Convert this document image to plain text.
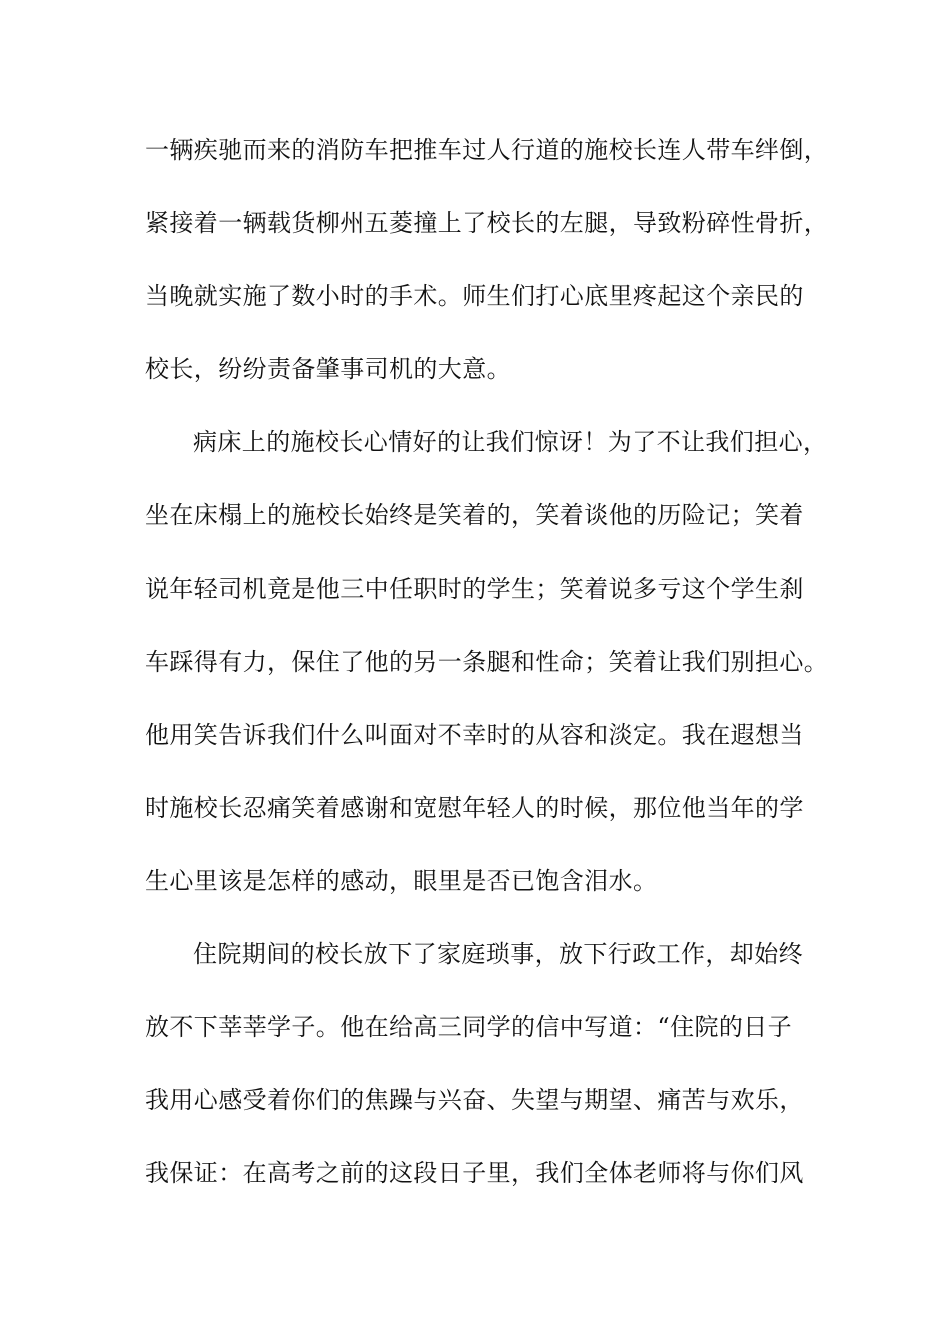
一辆疾驰而来的消防车把推车过人行道的施校长连人带车绊倒，
紧接着一辆载货柳州五菱撞上了校长的左腿，导致粉碎性骨折，
当晚就实施了数小时的手术。师生们打心底里疼起这个亲民的
校长，纷纷责备肇事司机的大意。
病床上的施校长心情好的让我们惊讶！为了不让我们担心，
坐在床榻上的施校长始终是笑着的，笑着谈他的历险记；笑着
说年轻司机竟是他三中任职时的学生；笑着说多亏这个学生刹
车踩得有力，保住了他的另一条腿和性命；笑着让我们别担心。
他用笑告诉我们什么叫面对不幸时的从容和淡定。我在遐想当
时施校长忍痛笑着感谢和宽慰年轻人的时候，那位他当年的学
生心里该是怎样的感动，眼里是否已饱含泪水。
住院期间的校长放下了家庭琐事，放下行政工作，却始终
放不下莘莘学子。他在给高三同学的信中写道：“住院的日子
我用心感受着你们的焦躁与兴奋、失望与期望、痛苦与欢乐，
我保证：在高考之前的这段日子里，我们全体老师将与你们风
